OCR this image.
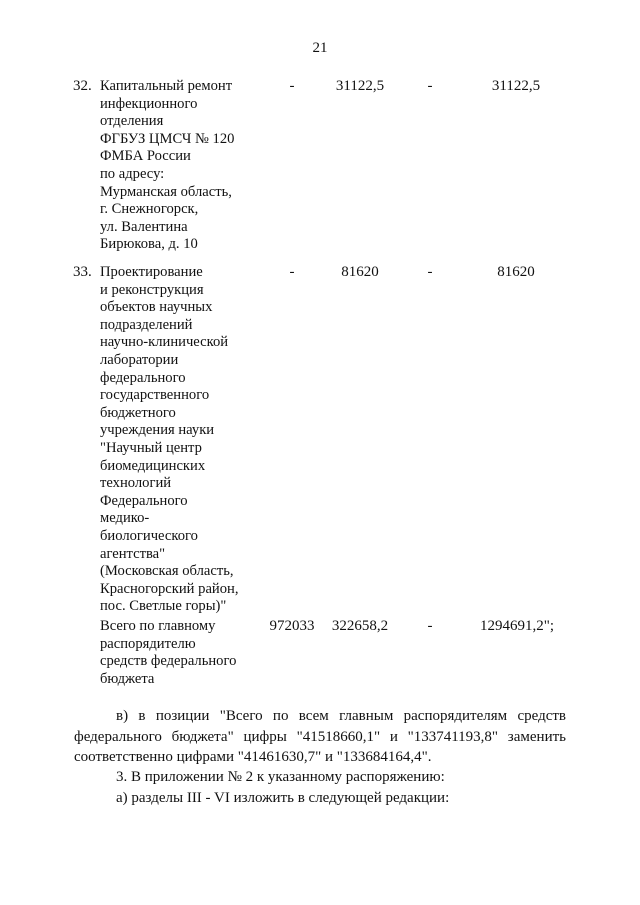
21
32. Капитальный ремонт
инфекционного
отделения
ФГБУЗ ЦМСЧ № 120
ФМБА России
по адресу:
Мурманская область,
г. Снежногорск,
ул. Валентина
Бирюкова, д. 10
-	31122,5	-	31122,5
33. Проектирование
и реконструкция
объектов научных
подразделений
научно-клинической
лаборатории
федерального
государственного
бюджетного
учреждения науки
"Научный центр
биомедицинских
технологий
Федерального
медико-
биологического
агентства"
(Московская область,
Красногорский район,
пос. Светлые горы)"
-	81620	-	81620
Всего по главному
распорядителю
средств федерального
бюджета
972033	322658,2	-	1294691,2";
в) в позиции "Всего по всем главным распорядителям средств
федерального бюджета" цифры "41518660,1" и "133741193,8" заменить
соответственно цифрами "41461630,7" и "133684164,4".
3. В приложении № 2 к указанному распоряжению:
а) разделы III - VI изложить в следующей редакции:
